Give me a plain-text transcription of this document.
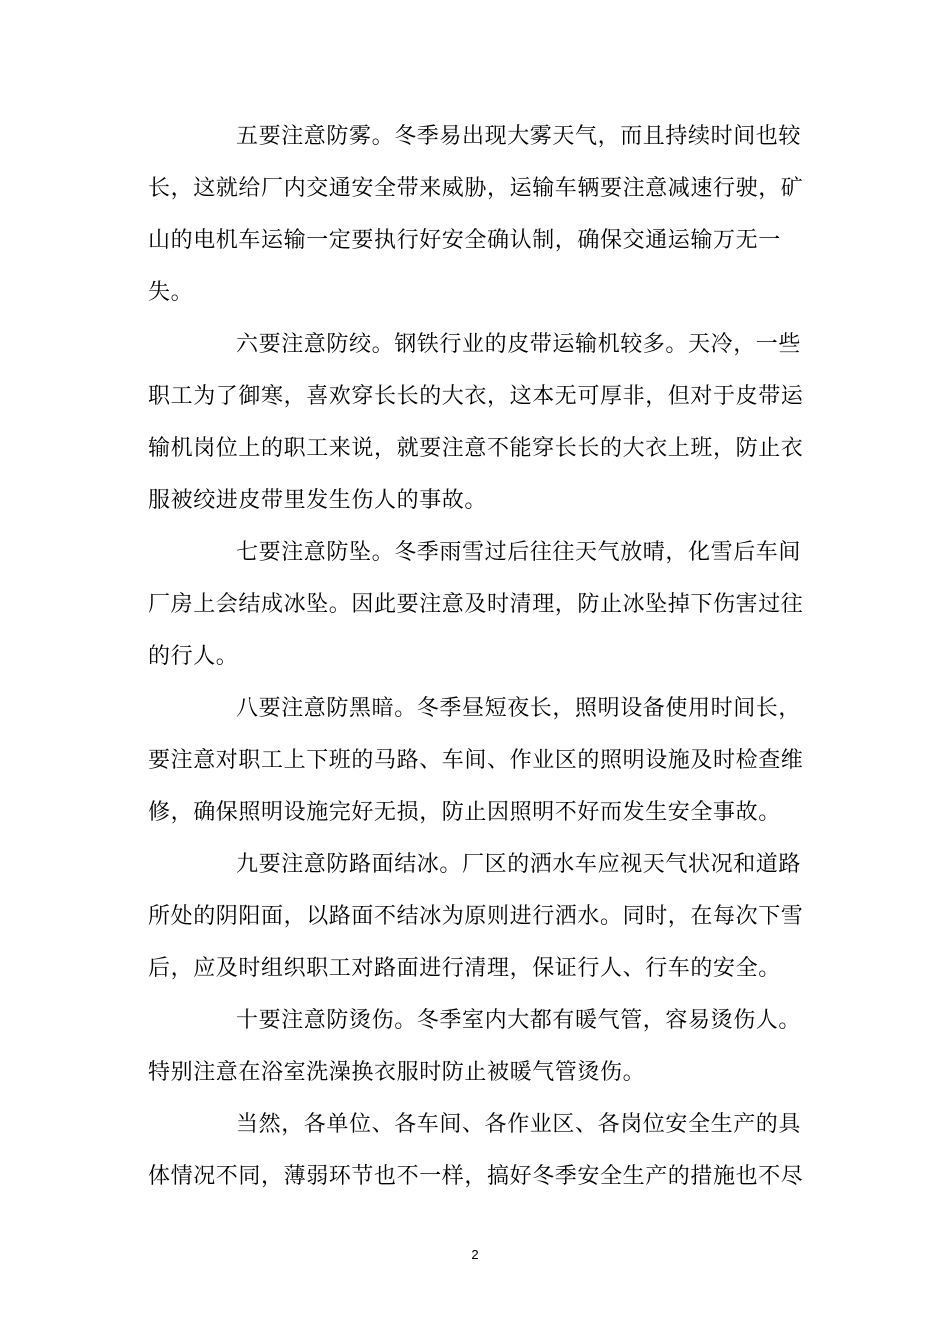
五要注意防雾。冬季易出现大雾天气，而且持续时间也较
长，这就给厂内交通安全带来威胁，运输车辆要注意减速行驶，矿
山的电机车运输一定要执行好安全确认制，确保交通运输万无一
失。
六要注意防绞。钢铁行业的皮带运输机较多。天冷，一些
职工为了御寒，喜欢穿长长的大衣，这本无可厚非，但对于皮带运
输机岗位上的职工来说，就要注意不能穿长长的大衣上班，防止衣
服被绞进皮带里发生伤人的事故。
七要注意防坠。冬季雨雪过后往往天气放晴，化雪后车间
厂房上会结成冰坠。因此要注意及时清理，防止冰坠掉下伤害过往
的行人。
八要注意防黑暗。冬季昼短夜长，照明设备使用时间长，
要注意对职工上下班的马路、车间、作业区的照明设施及时检查维
修，确保照明设施完好无损，防止因照明不好而发生安全事故。
九要注意防路面结冰。厂区的洒水车应视天气状况和道路
所处的阴阳面，以路面不结冰为原则进行洒水。同时，在每次下雪
后，应及时组织职工对路面进行清理，保证行人、行车的安全。
十要注意防烫伤。冬季室内大都有暖气管，容易烫伤人。
特别注意在浴室洗澡换衣服时防止被暖气管烫伤。
当然，各单位、各车间、各作业区、各岗位安全生产的具
体情况不同，薄弱环节也不一样，搞好冬季安全生产的措施也不尽
2
